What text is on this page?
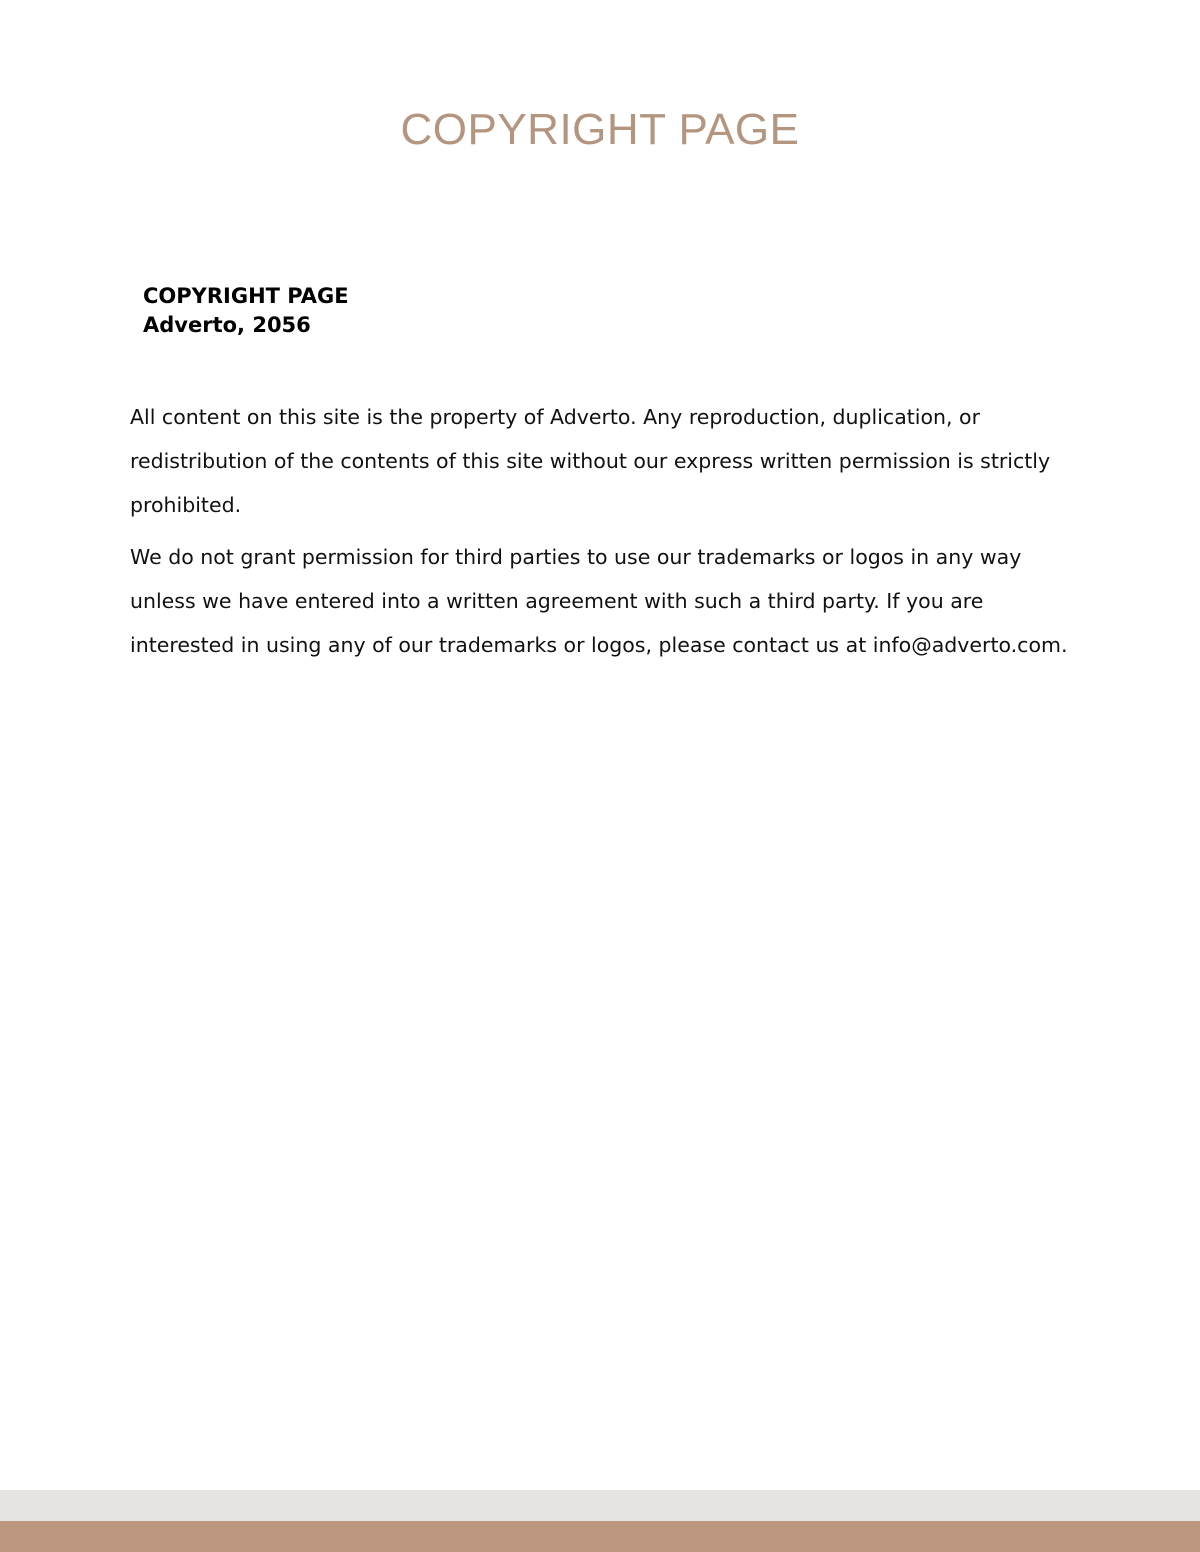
COPYRIGHT PAGE
COPYRIGHT PAGE
Adverto, 2056

All content on this site is the property of Adverto. Any reproduction, duplication, or redistribution of the contents of this site without our express written permission is strictly prohibited.

We do not grant permission for third parties to use our trademarks or logos in any way unless we have entered into a written agreement with such a third party. If you are interested in using any of our trademarks or logos, please contact us at info@adverto.com.
